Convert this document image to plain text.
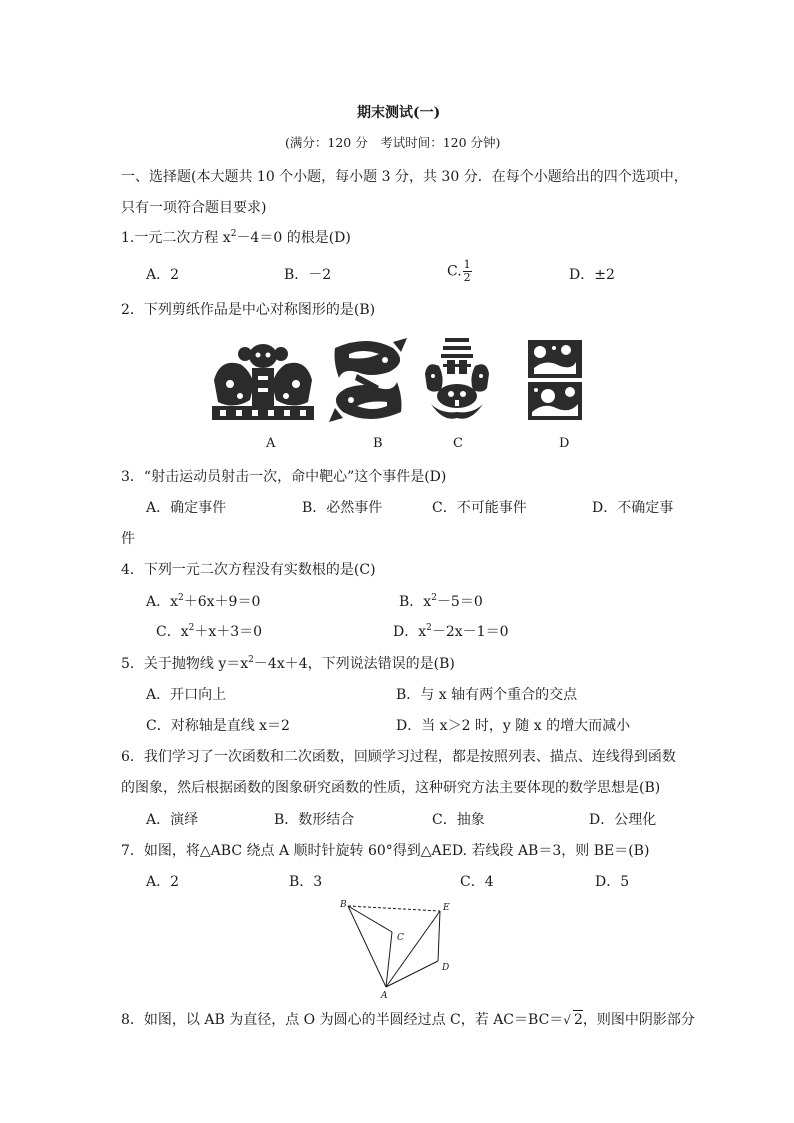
期末测试(一)
(满分：120 分　考试时间：120 分钟)
一、选择题(本大题共 10 个小题，每小题 3 分，共 30 分．在每个小题给出的四个选项中，
只有一项符合题目要求)
1.一元二次方程 $x^2-4=0$ 的根是(D)
A．2	B．－2	C. $\frac{1}{2}$	D．±2
2．下列剪纸作品是中心对称图形的是(B)
A	B	C	D
3．“射击运动员射击一次，命中靶心”这个事件是(D)
A．确定事件	B．必然事件	C．不可能事件	D．不确定事
件
4．下列一元二次方程没有实数根的是(C)
A．$x^2+6x+9=0$	B．$x^2-5=0$
C．$x^2+x+3=0$	D．$x^2-2x-1=0$
5．关于抛物线 $y=x^2-4x+4$，下列说法错误的是(B)
A．开口向上	B．与 x 轴有两个重合的交点
C．对称轴是直线 x＝2	D．当 x＞2 时，y 随 x 的增大而减小
6．我们学习了一次函数和二次函数，回顾学习过程，都是按照列表、描点、连线得到函数
的图象，然后根据函数的图象研究函数的性质，这种研究方法主要体现的数学思想是(B)
A．演绎	B．数形结合	C．抽象	D．公理化
7．如图，将△ABC 绕点 A 顺时针旋转 60°得到△AED. 若线段 AB＝3，则 BE＝(B)
A．2	B．3	C．4	D．5
B	E
C
D
A
8．如图，以 AB 为直径，点 O 为圆心的半圆经过点 C，若 AC＝BC＝√ 2，则图中阴影部分
